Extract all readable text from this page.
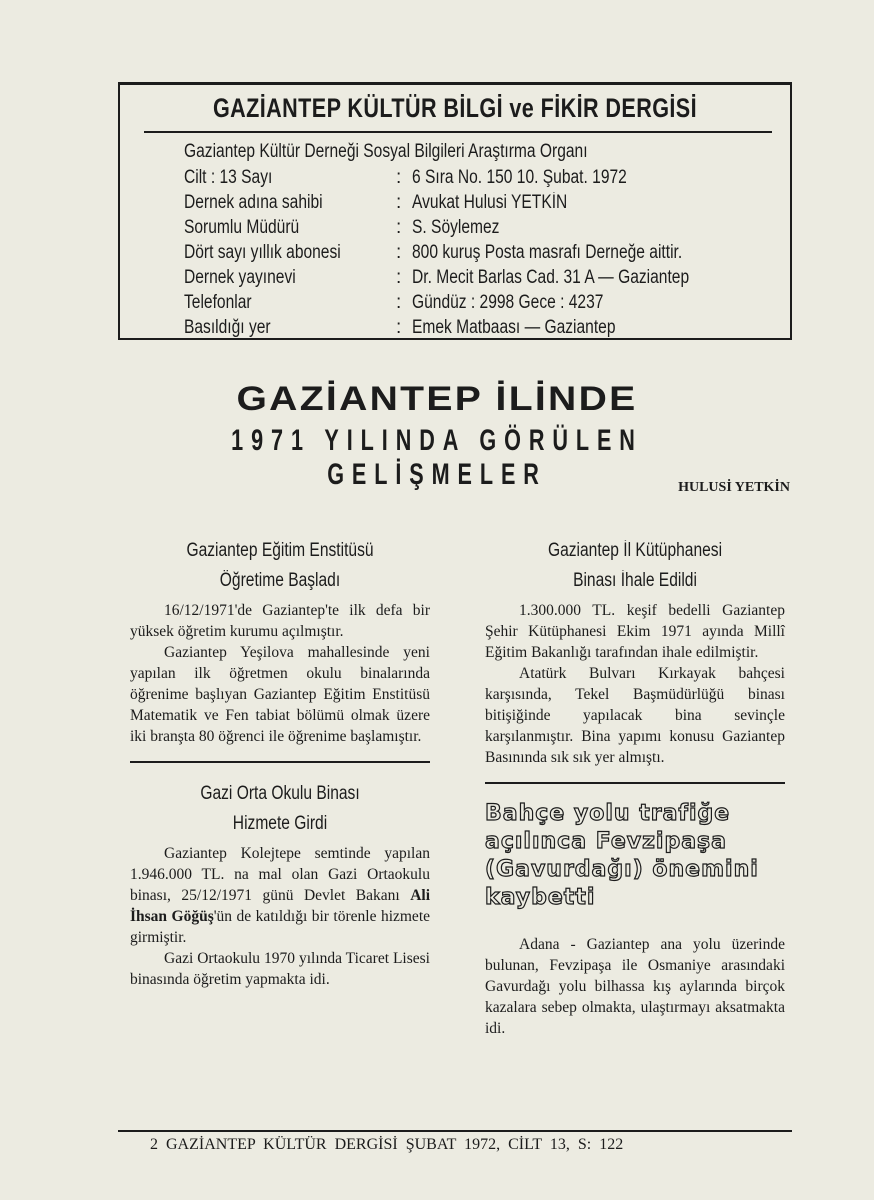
GAZİANTEP KÜLTÜR BİLGİ ve FİKİR DERGİSİ
Gaziantep Kültür Derneği Sosyal Bilgileri Araştırma Organı
Cilt : 13 Sayı	: 6 Sıra No. 150 10. Şubat. 1972
Dernek adına sahibi	: Avukat Hulusi YETKİN
Sorumlu Müdürü	: S. Söylemez
Dört sayı yıllık abonesi	: 800 kuruş Posta masrafı Derneğe aittir.
Dernek yayınevi	: Dr. Mecit Barlas Cad. 31 A — Gaziantep
Telefonlar	: Gündüz : 2998 Gece : 4237
Basıldığı yer	: Emek Matbaası — Gaziantep
GAZİANTEP İLİNDE
1971 YILINDA GÖRÜLEN GELİŞMELER	HULUSİ YETKİN
Gaziantep Eğitim Enstitüsü
Öğretime Başladı

16/12/1971'de Gaziantep'te ilk defa bir yüksek öğretim kurumu açılmıştır.

Gaziantep Yeşilova mahallesinde yeni yapılan ilk öğretmen okulu binalarında öğrenime başlıyan Gaziantep Eğitim Enstitüsü Matematik ve Fen tabiat bölümü olmak üzere iki branşta 80 öğrenci ile öğrenime başlamıştır.

Gazi Orta Okulu Binası
Hizmete Girdi

Gaziantep Kolejtepe semtinde yapılan 1.946.000 TL. na mal olan Gazi Ortaokulu binası, 25/12/1971 günü Devlet Bakanı Ali İhsan Göğüş'ün de katıldığı bir törenle hizmete girmiştir.

Gazi Ortaokulu 1970 yılında Ticaret Lisesi binasında öğretim yapmakta idi.

Gaziantep İl Kütüphanesi
Binası İhale Edildi

1.300.000 TL. keşif bedelli Gaziantep Şehir Kütüphanesi Ekim 1971 ayında Millî Eğitim Bakanlığı tarafından ihale edilmiştir.

Atatürk Bulvarı Kırkayak bahçesi karşısında, Tekel Başmüdürlüğü binası bitişiğinde yapılacak bina sevinçle karşılanmıştır. Bina yapımı konusu Gaziantep Basınında sık sık yer almıştı.

Bahçe yolu trafiğe açılınca Fevzipaşa (Gavurdağı) önemini kaybetti

Adana - Gaziantep ana yolu üzerinde bulunan, Fevzipaşa ile Osmaniye arasındaki Gavurdağı yolu bilhassa kış aylarında birçok kazalara sebep olmakta, ulaştırmayı aksatmakta idi.

2 GAZİANTEP KÜLTÜR DERGİSİ ŞUBAT 1972, CİLT 13, S: 122
